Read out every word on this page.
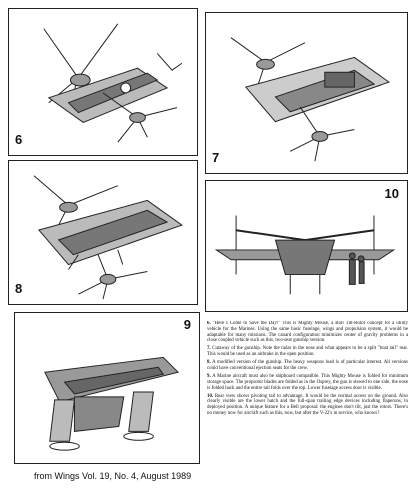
6
7
8
10
9	6. "Here I Come to Save the Day!" This is Mighty Mouse, a Boll Tilt-Rotor concept for a utility vehicle for the Marines. Using the same basic fuselage, wings and propulsion system, it would be adaptable for many missions. The canard configuration minimizes center of gravity problems in a close coupled vehicle such as this, two-seat gunship version.

7. Cutaway of the gunship. Note the radar in the nose and what appears to be a split "boat tail" rear. This would be used as an airbrake in the open position.

8. A modified version of the gunship. The heavy weapons load is of particular interest. All versions could have conventional ejection seats for the crew.

9. A Marine aircraft must also be shipboard compatible. This Mighty Mouse is folded for minimum storage space. The proprotor blades are folded as in the Osprey, the gun is slewed to one side, the nose is folded back and the entire tail folds over the top. Lower fuselage access door is visible.

10. Rear view shows pivoting tail to advantage. It would be the normal access on the ground. Also clearly visible are the lower hatch and the full-span trailing edge devices including flaperons, in deployed position. A unique feature for a Bell proposal: the engines don't tilt, just the rotors. There's no money now for aircraft such as this, now, but after the V-22's in service, who knows?

from Wings Vol. 19, No. 4, August 1989
